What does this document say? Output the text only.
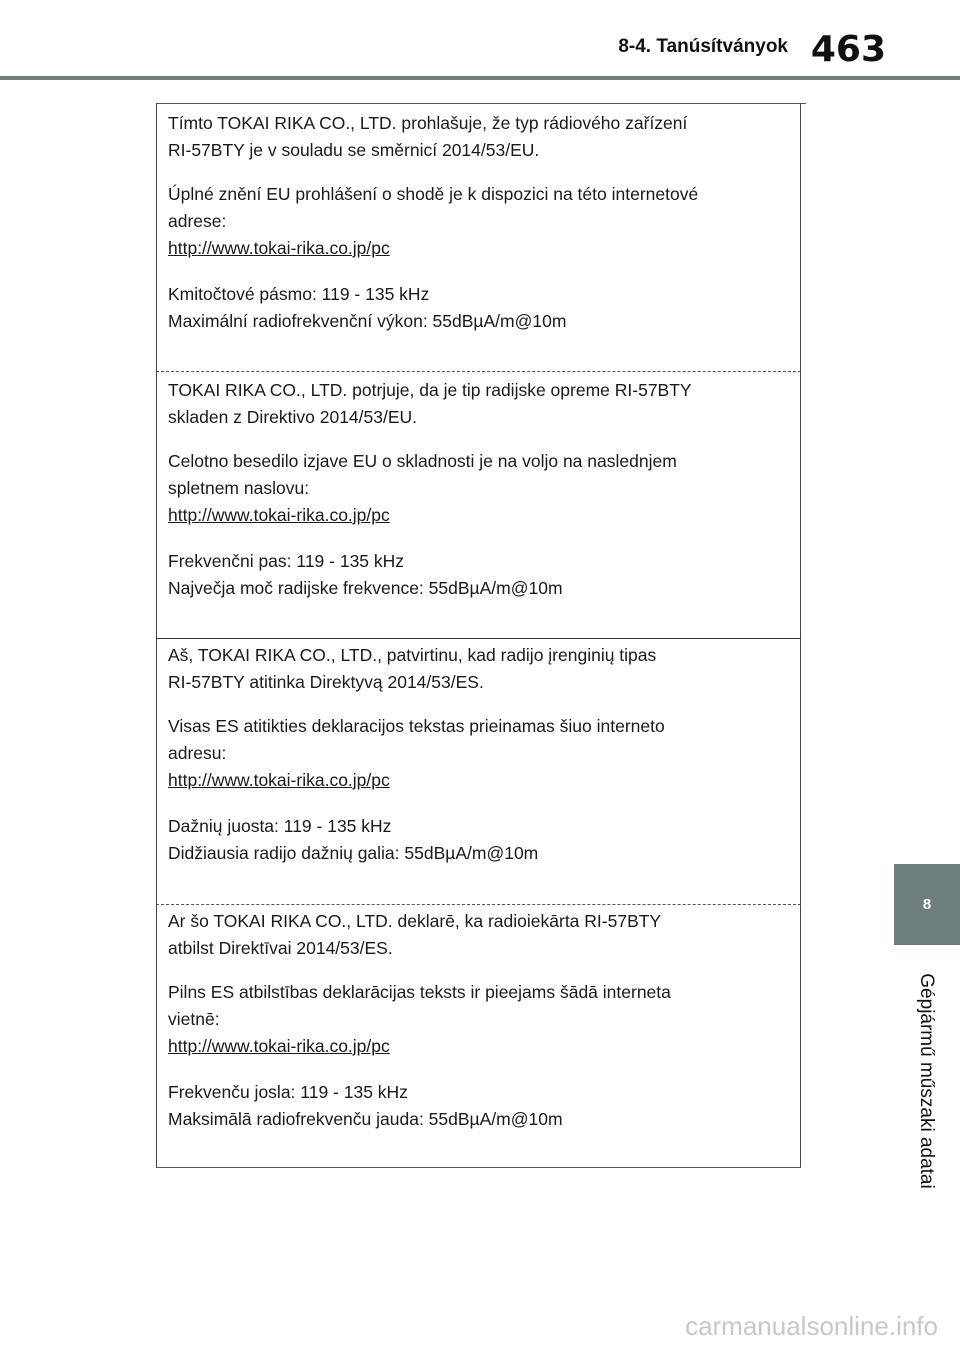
8-4. Tanúsítványok 463

Tímto TOKAI RIKA CO., LTD. prohlašuje, že typ rádiového zařízení

RI-57BTY je v souladu se směrnicí 2014/53/EU.

Úplné znění EU prohlášení o shodě je k dispozici na této internetové

adrese:

http://www.tokai-rika.co.jp/pc

Kmitočtové pásmo: 119 - 135 kHz

Maximální radiofrekvenční výkon: 55dBµA/m@10m

TOKAI RIKA CO., LTD. potrjuje, da je tip radijske opreme RI-57BTY

skladen z Direktivo 2014/53/EU.

Celotno besedilo izjave EU o skladnosti je na voljo na naslednjem

spletnem naslovu:

http://www.tokai-rika.co.jp/pc

Frekvenčni pas: 119 - 135 kHz

Največja moč radijske frekvence: 55dBµA/m@10m

Aš, TOKAI RIKA CO., LTD., patvirtinu, kad radijo įrenginių tipas

RI-57BTY atitinka Direktyvą 2014/53/ES.

Visas ES atitikties deklaracijos tekstas prieinamas šiuo interneto

adresu:

http://www.tokai-rika.co.jp/pc

Dažnių juosta: 119 - 135 kHz

Didžiausia radijo dažnių galia: 55dBµA/m@10m

Ar šo TOKAI RIKA CO., LTD. deklarē, ka radioiekārta RI-57BTY

atbilst Direktīvai 2014/53/ES.

Pilns ES atbilstības deklarācijas teksts ir pieejams šādā interneta

vietnē:

http://www.tokai-rika.co.jp/pc

Frekvenču josla: 119 - 135 kHz

Maksimālā radiofrekvenču jauda: 55dBµA/m@10m

8
Gépjármű műszaki adatai
carmanualsonline.info
